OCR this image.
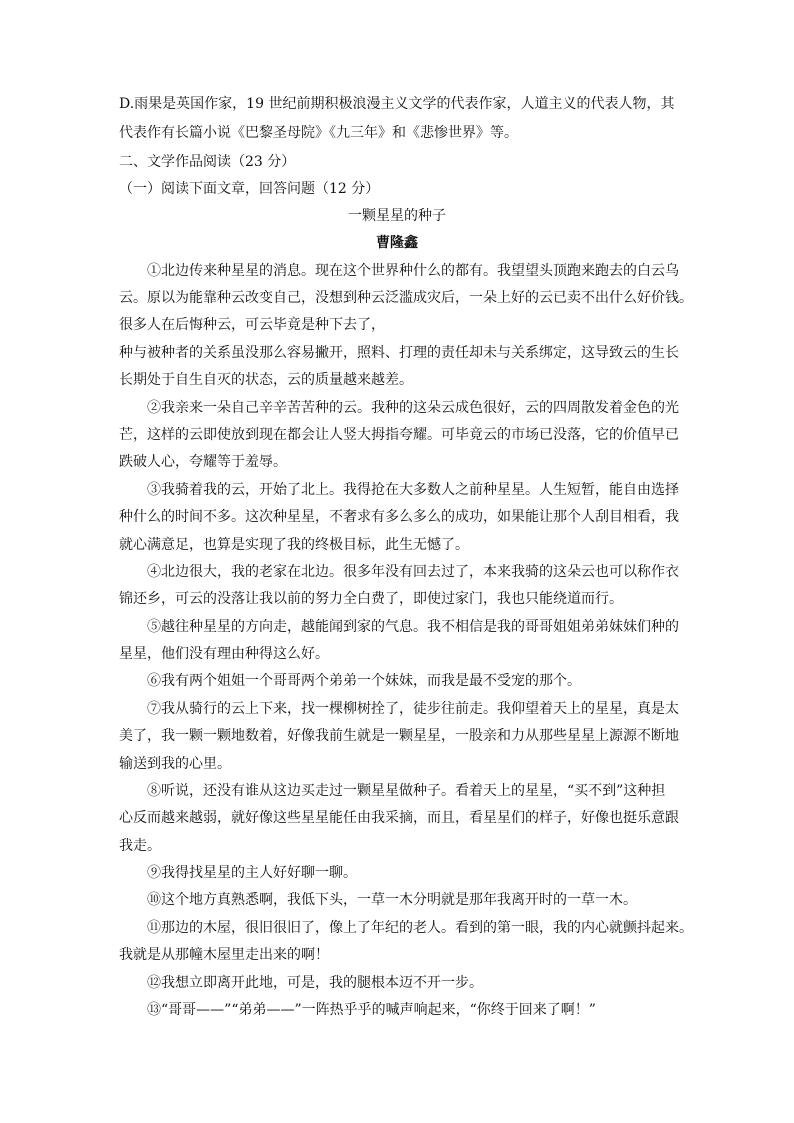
D.雨果是英国作家，19 世纪前期积极浪漫主义文学的代表作家，人道主义的代表人物，其
代表作有长篇小说《巴黎圣母院》《九三年》和《悲惨世界》等。
二、文学作品阅读（23 分）
（一）阅读下面文章，回答问题（12 分）
一颗星星的种子
曹隆鑫
①北边传来种星星的消息。现在这个世界种什么的都有。我望望头顶跑来跑去的白云乌
云。原以为能靠种云改变自己，没想到种云泛滥成灾后，一朵上好的云已卖不出什么好价钱。
很多人在后悔种云，可云毕竟是种下去了，
种与被种者的关系虽没那么容易撇开，照料、打理的责任却未与关系绑定，这导致云的生长
长期处于自生自灭的状态，云的质量越来越差。
②我亲来一朵自己辛辛苦苦种的云。我种的这朵云成色很好，云的四周散发着金色的光
芒，这样的云即使放到现在都会让人竖大拇指夸耀。可毕竟云的市场已没落，它的价值早已
跌破人心，夸耀等于羞辱。
③我骑着我的云，开始了北上。我得抢在大多数人之前种星星。人生短暂，能自由选择
种什么的时间不多。这次种星星，不奢求有多么多么的成功，如果能让那个人刮目相看，我
就心满意足，也算是实现了我的终极目标，此生无憾了。
④北边很大，我的老家在北边。很多年没有回去过了，本来我骑的这朵云也可以称作衣
锦还乡，可云的没落让我以前的努力全白费了，即使过家门，我也只能绕道而行。
⑤越往种星星的方向走，越能闻到家的气息。我不相信是我的哥哥姐姐弟弟妹妹们种的
星星，他们没有理由种得这么好。
⑥我有两个姐姐一个哥哥两个弟弟一个妹妹，而我是最不受宠的那个。
⑦我从骑行的云上下来，找一棵柳树拴了，徒步往前走。我仰望着天上的星星，真是太
美了，我一颗一颗地数着，好像我前生就是一颗星星，一股亲和力从那些星星上源源不断地
输送到我的心里。
⑧听说，还没有谁从这边买走过一颗星星做种子。看着天上的星星，“买不到”这种担
心反而越来越弱，就好像这些星星能任由我采摘，而且，看星星们的样子，好像也挺乐意跟
我走。
⑨我得找星星的主人好好聊一聊。
⑩这个地方真熟悉啊，我低下头，一草一木分明就是那年我离开时的一草一木。
⑪那边的木屋，很旧很旧了，像上了年纪的老人。看到的第一眼，我的内心就颤抖起来。
我就是从那幢木屋里走出来的啊！
⑫我想立即离开此地，可是，我的腿根本迈不开一步。
⑬“哥哥——”“弟弟——”一阵热乎乎的喊声响起来，“你终于回来了啊！”
